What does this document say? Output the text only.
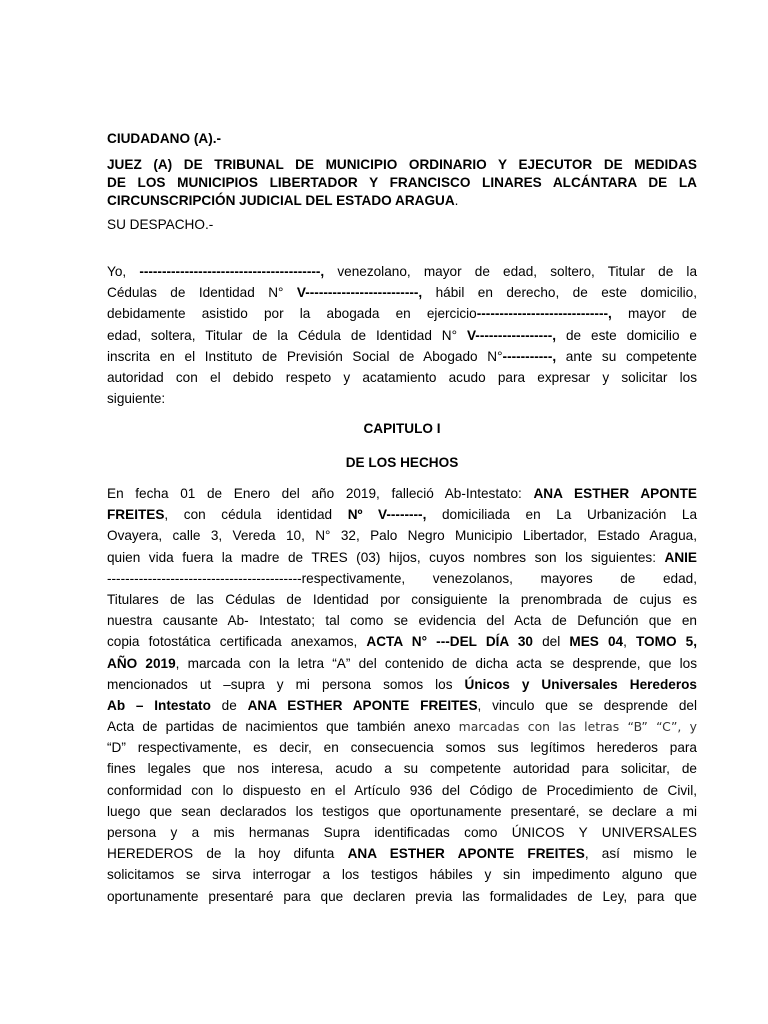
CIUDADANO (A).-

JUEZ (A) DE TRIBUNAL DE MUNICIPIO ORDINARIO Y EJECUTOR DE MEDIDAS

DE LOS MUNICIPIOS LIBERTADOR Y FRANCISCO LINARES ALCÁNTARA DE LA

CIRCUNSCRIPCIÓN JUDICIAL DEL ESTADO ARAGUA.

SU DESPACHO.-
Yo, ----------------------------------------, venezolano, mayor de edad, soltero, Titular de la
Cédulas de Identidad N° V-------------------------, hábil en derecho, de este domicilio,
debidamente asistido por la abogada en ejercicio-----------------------------, mayor de
edad, soltera, Titular de la Cédula de Identidad N° V-----------------, de este domicilio e
inscrita en el Instituto de Previsión Social de Abogado N°-----------, ante su competente
autoridad con el debido respeto y acatamiento acudo para expresar y solicitar los
siguiente:
CAPITULO I
DE LOS HECHOS
En fecha 01 de Enero del año 2019, falleció Ab-Intestato: ANA ESTHER APONTE
FREITES, con cédula identidad Nº V--------, domiciliada en La Urbanización La
Ovayera, calle 3, Vereda 10, N° 32, Palo Negro Municipio Libertador, Estado Aragua,
quien vida fuera la madre de TRES (03) hijos, cuyos nombres son los siguientes: ANIE
-------------------------------------------respectivamente, venezolanos, mayores de edad,
Titulares de las Cédulas de Identidad por consiguiente la prenombrada de cujus es
nuestra causante Ab- Intestato; tal como se evidencia del Acta de Defunción que en
copia fotostática certificada anexamos, ACTA N° ---DEL DÍA 30 del MES 04, TOMO 5,
AÑO 2019, marcada con la letra “A” del contenido de dicha acta se desprende, que los
mencionados ut –supra y mi persona somos los Únicos y Universales Herederos
Ab – Intestato de ANA ESTHER APONTE FREITES, vinculo que se desprende del
Acta de partidas de nacimientos que también anexo marcadas con las letras “B” “C”, y
“D” respectivamente, es decir, en consecuencia somos sus legítimos herederos para
fines legales que nos interesa, acudo a su competente autoridad para solicitar, de
conformidad con lo dispuesto en el Artículo 936 del Código de Procedimiento de Civil,
luego que sean declarados los testigos que oportunamente presentaré, se declare a mi
persona y a mis hermanas Supra identificadas como ÚNICOS Y UNIVERSALES
HEREDEROS de la hoy difunta ANA ESTHER APONTE FREITES, así mismo le
solicitamos se sirva interrogar a los testigos hábiles y sin impedimento alguno que
oportunamente presentaré para que declaren previa las formalidades de Ley, para que
